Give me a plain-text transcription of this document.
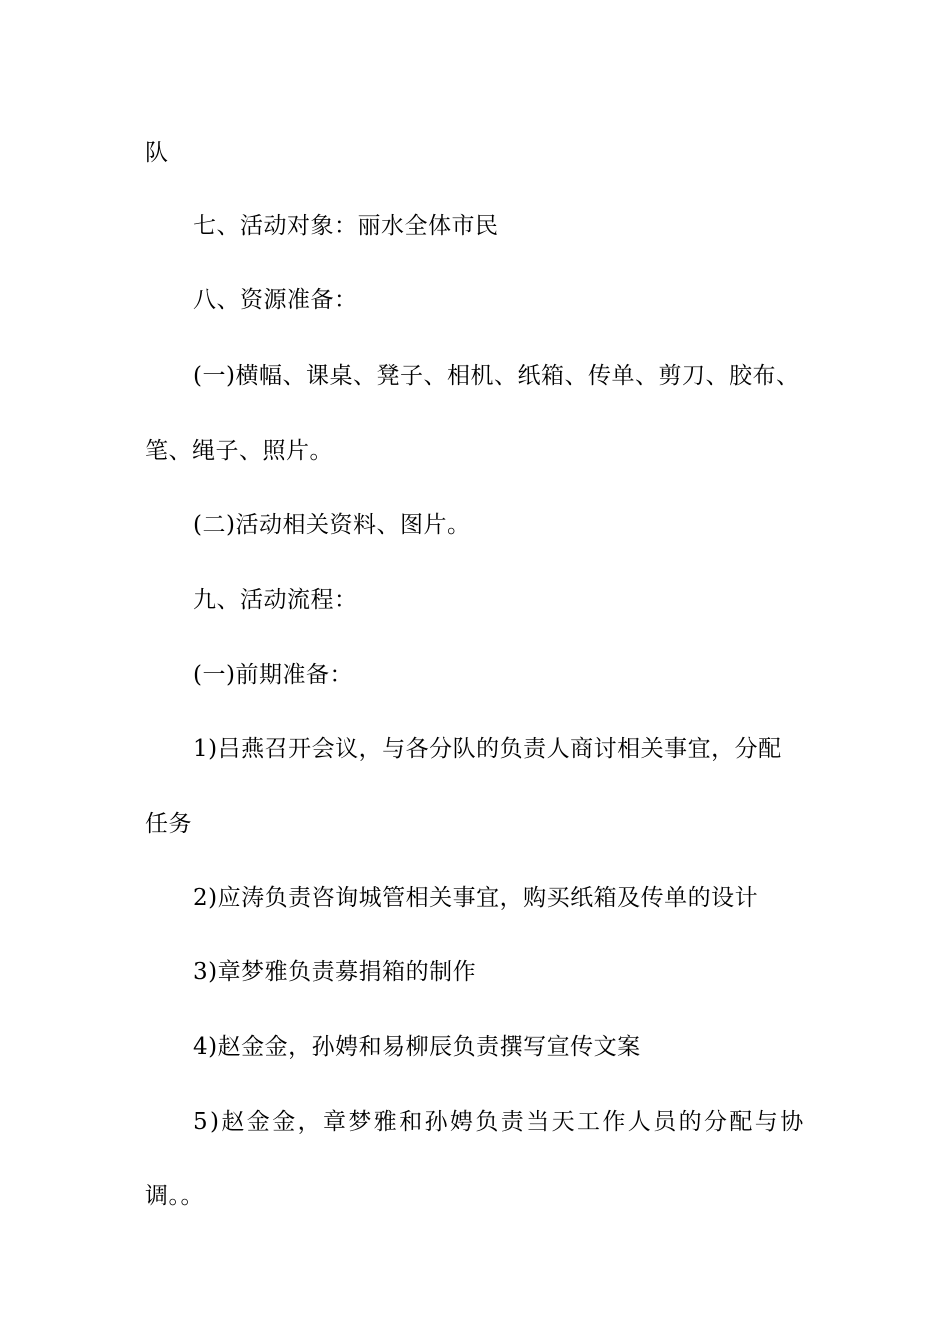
队
七、活动对象：丽水全体市民
八、资源准备：
(一)横幅、课桌、凳子、相机、纸箱、传单、剪刀、胶布、
笔、绳子、照片。
(二)活动相关资料、图片。
九、活动流程：
(一)前期准备：
1)吕燕召开会议，与各分队的负责人商讨相关事宜，分配
任务
2)应涛负责咨询城管相关事宜，购买纸箱及传单的设计
3)章梦雅负责募捐箱的制作
4)赵金金，孙娉和易柳辰负责撰写宣传文案
5)赵金金，章梦雅和孙娉负责当天工作人员的分配与协
调。。
